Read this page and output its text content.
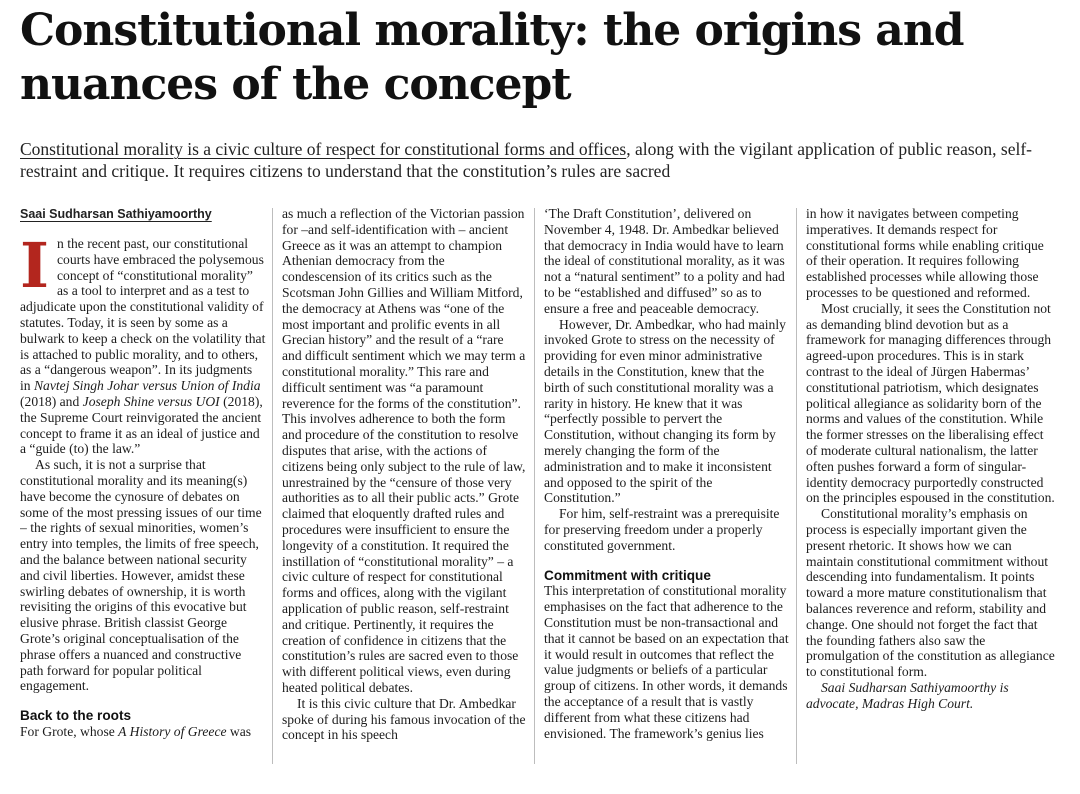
Constitutional morality: the origins and nuances of the concept

Constitutional morality is a civic culture of respect for constitutional forms and offices, along with the vigilant application of public reason, self-restraint and critique. It requires citizens to understand that the constitution’s rules are sacred

Saai Sudharsan Sathiyamoorthy

In the recent past, our constitutional courts have embraced the polysemous concept of “constitutional morality” as a tool to interpret and as a test to adjudicate upon the constitutional validity of statutes. Today, it is seen by some as a bulwark to keep a check on the volatility that is attached to public morality, and to others, as a “dangerous weapon”. In its judgments in Navtej Singh Johar versus Union of India (2018) and Joseph Shine versus UOI (2018), the Supreme Court reinvigorated the ancient concept to frame it as an ideal of justice and a “guide (to) the law.”

As such, it is not a surprise that constitutional morality and its meaning(s) have become the cynosure of debates on some of the most pressing issues of our time – the rights of sexual minorities, women’s entry into temples, the limits of free speech, and the balance between national security and civil liberties. However, amidst these swirling debates of ownership, it is worth revisiting the origins of this evocative but elusive phrase. British classist George Grote’s original conceptualisation of the phrase offers a nuanced and constructive path forward for popular political engagement.

Back to the roots

For Grote, whose A History of Greece was

as much a reflection of the Victorian passion for –and self-identification with – ancient Greece as it was an attempt to champion Athenian democracy from the condescension of its critics such as the Scotsman John Gillies and William Mitford, the democracy at Athens was “one of the most important and prolific events in all Grecian history” and the result of a “rare and difficult sentiment which we may term a constitutional morality.” This rare and difficult sentiment was “a paramount reverence for the forms of the constitution”. This involves adherence to both the form and procedure of the constitution to resolve disputes that arise, with the actions of citizens being only subject to the rule of law, unrestrained by the “censure of those very authorities as to all their public acts.” Grote claimed that eloquently drafted rules and procedures were insufficient to ensure the longevity of a constitution. It required the instillation of “constitutional morality” – a civic culture of respect for constitutional forms and offices, along with the vigilant application of public reason, self-restraint and critique. Pertinently, it requires the creation of confidence in citizens that the constitution’s rules are sacred even to those with different political views, even during heated political debates.

It is this civic culture that Dr. Ambedkar spoke of during his famous invocation of the concept in his speech

‘The Draft Constitution’, delivered on November 4, 1948. Dr. Ambedkar believed that democracy in India would have to learn the ideal of constitutional morality, as it was not a “natural sentiment” to a polity and had to be “established and diffused” so as to ensure a free and peaceable democracy.

However, Dr. Ambedkar, who had mainly invoked Grote to stress on the necessity of providing for even minor administrative details in the Constitution, knew that the birth of such constitutional morality was a rarity in history. He knew that it was “perfectly possible to pervert the Constitution, without changing its form by merely changing the form of the administration and to make it inconsistent and opposed to the spirit of the Constitution.”

For him, self-restraint was a prerequisite for preserving freedom under a properly constituted government.

Commitment with critique

This interpretation of constitutional morality emphasises on the fact that adherence to the Constitution must be non-transactional and that it cannot be based on an expectation that it would result in outcomes that reflect the value judgments or beliefs of a particular group of citizens. In other words, it demands the acceptance of a result that is vastly different from what these citizens had envisioned. The framework’s genius lies

in how it navigates between competing imperatives. It demands respect for constitutional forms while enabling critique of their operation. It requires following established processes while allowing those processes to be questioned and reformed.

Most crucially, it sees the Constitution not as demanding blind devotion but as a framework for managing differences through agreed-upon procedures. This is in stark contrast to the ideal of Jürgen Habermas’ constitutional patriotism, which designates political allegiance as solidarity born of the norms and values of the constitution. While the former stresses on the liberalising effect of moderate cultural nationalism, the latter often pushes forward a form of singular-identity democracy purportedly constructed on the principles espoused in the constitution.

Constitutional morality’s emphasis on process is especially important given the present rhetoric. It shows how we can maintain constitutional commitment without descending into fundamentalism. It points toward a more mature constitutionalism that balances reverence and reform, stability and change. One should not forget the fact that the founding fathers also saw the promulgation of the constitution as allegiance to constitutional form.

Saai Sudharsan Sathiyamoorthy is advocate, Madras High Court.
